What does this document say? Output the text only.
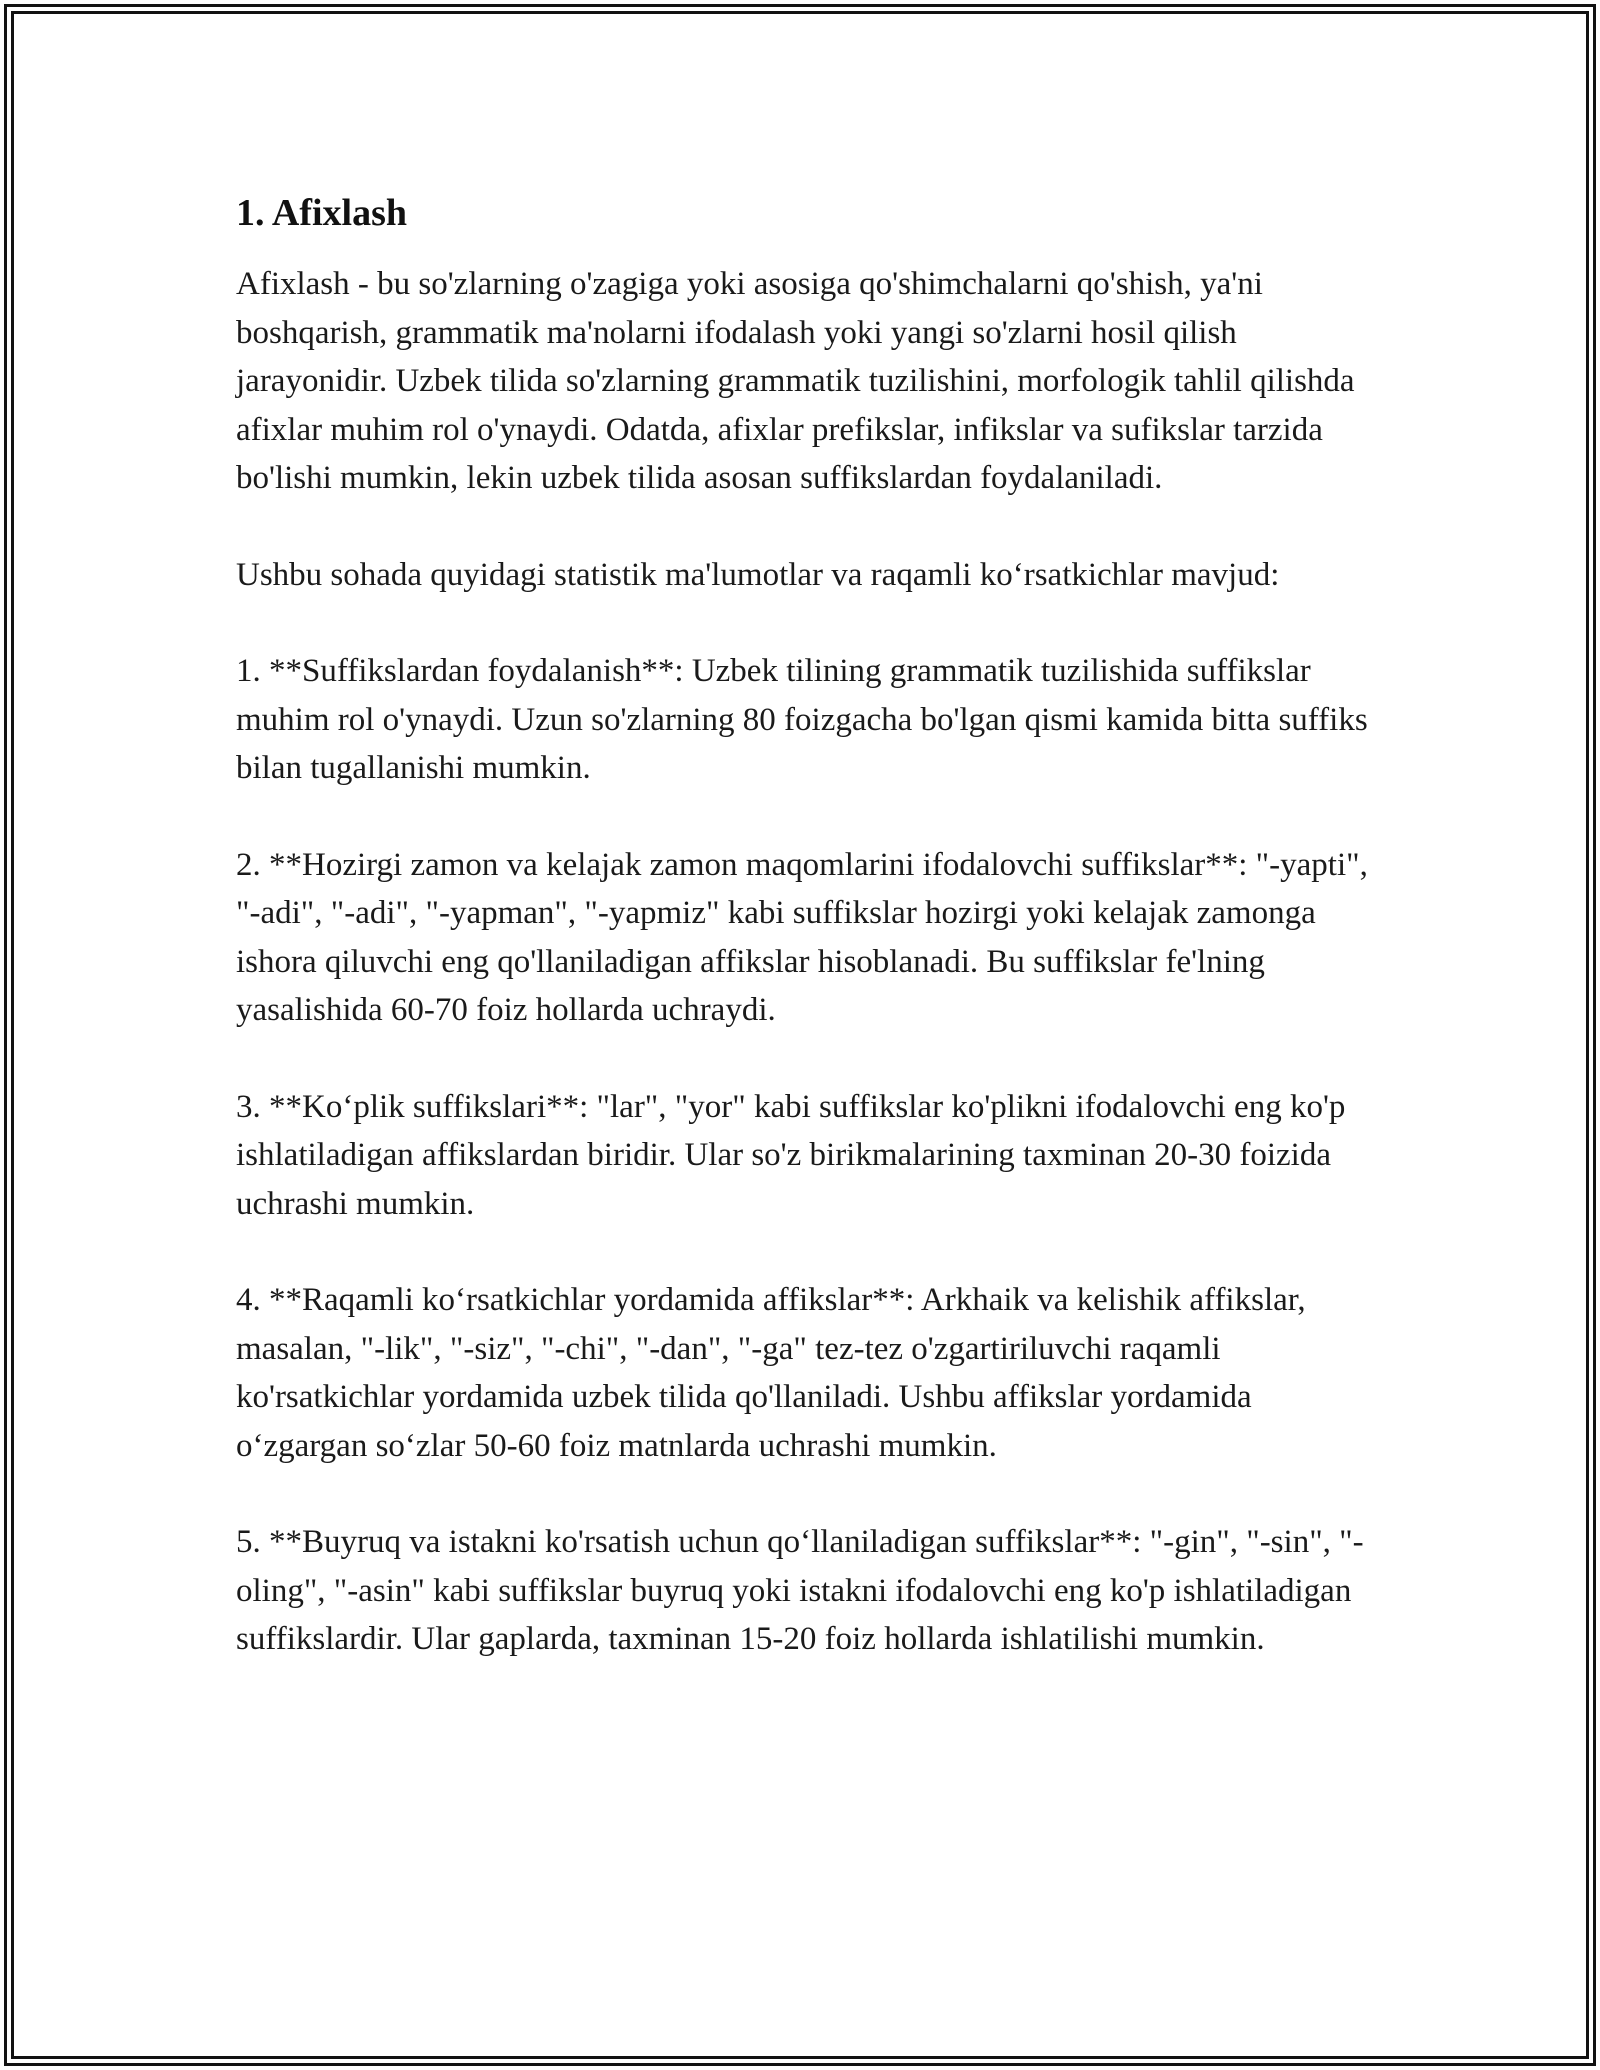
1. Afixlash

Afixlash - bu so'zlarning o'zagiga yoki asosiga qo'shimchalarni qo'shish, ya'ni boshqarish, grammatik ma'nolarni ifodalash yoki yangi so'zlarni hosil qilish jarayonidir. Uzbek tilida so'zlarning grammatik tuzilishini, morfologik tahlil qilishda afixlar muhim rol o'ynaydi. Odatda, afixlar prefikslar, infikslar va sufikslar tarzida bo'lishi mumkin, lekin uzbek tilida asosan suffikslardan foydalaniladi.

Ushbu sohada quyidagi statistik ma'lumotlar va raqamli ko‘rsatkichlar mavjud:

1. **Suffikslardan foydalanish**: Uzbek tilining grammatik tuzilishida suffikslar muhim rol o'ynaydi. Uzun so'zlarning 80 foizgacha bo'lgan qismi kamida bitta suffiks bilan tugallanishi mumkin.

2. **Hozirgi zamon va kelajak zamon maqomlarini ifodalovchi suffikslar**: "-yapti", "-adi", "-adi", "-yapman", "-yapmiz" kabi suffikslar hozirgi yoki kelajak zamonga ishora qiluvchi eng qo'llaniladigan affikslar hisoblanadi. Bu suffikslar fe'lning yasalishida 60-70 foiz hollarda uchraydi.

3. **Ko‘plik suffikslari**: "lar", "yor" kabi suffikslar ko'plikni ifodalovchi eng ko'p ishlatiladigan affikslardan biridir. Ular so'z birikmalarining taxminan 20-30 foizida uchrashi mumkin.

4. **Raqamli ko‘rsatkichlar yordamida affikslar**: Arkhaik va kelishik affikslar, masalan, "-lik", "-siz", "-chi", "-dan", "-ga" tez-tez o'zgartiriluvchi raqamli ko'rsatkichlar yordamida uzbek tilida qo'llaniladi. Ushbu affikslar yordamida o‘zgargan so‘zlar 50-60 foiz matnlarda uchrashi mumkin.

5. **Buyruq va istakni ko'rsatish uchun qo‘llaniladigan suffikslar**: "-gin", "-sin", "-oling", "-asin" kabi suffikslar buyruq yoki istakni ifodalovchi eng ko'p ishlatiladigan suffikslardir. Ular gaplarda, taxminan 15-20 foiz hollarda ishlatilishi mumkin.
